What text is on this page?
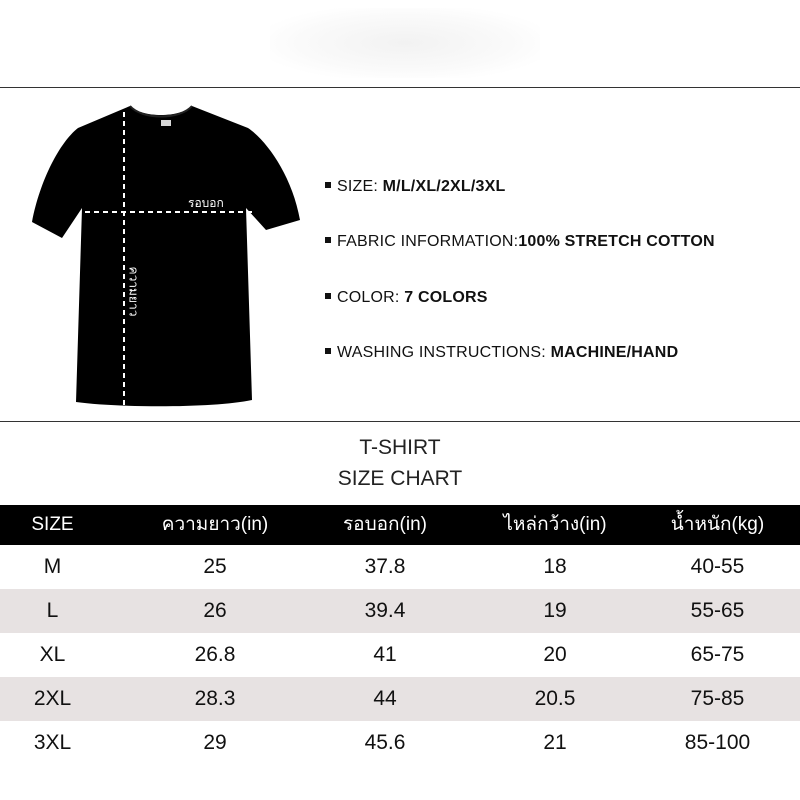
รอบอก
ความยาว
SIZE: M/L/XL/2XL/3XL
FABRIC INFORMATION:100% STRETCH COTTON
COLOR: 7 COLORS
WASHING INSTRUCTIONS: MACHINE/HAND
T-SHIRT
SIZE CHART
SIZE	ความยาว(in)	รอบอก(in)	ไหล่กว้าง(in)	น้ำหนัก(kg)
M	25	37.8	18	40-55
L	26	39.4	19	55-65
XL	26.8	41	20	65-75
2XL	28.3	44	20.5	75-85
3XL	29	45.6	21	85-100
